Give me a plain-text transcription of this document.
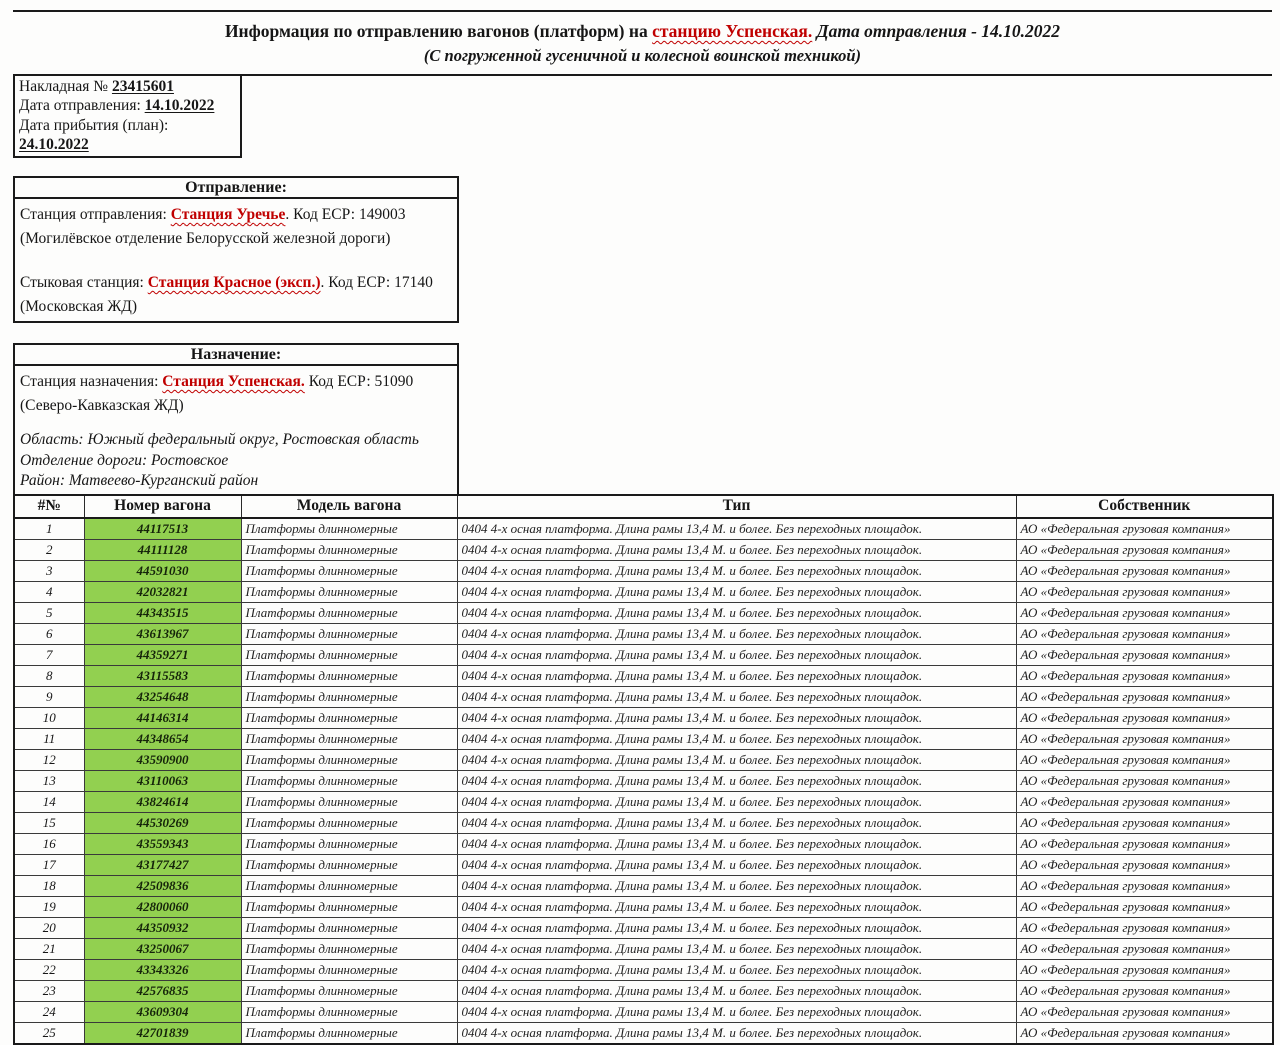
Информация по отправлению вагонов (платформ) на станцию Успенская. Дата отправления - 14.10.2022
(С погруженной гусеничной и колесной воинской техникой)
Накладная № 23415601
Дата отправления: 14.10.2022
Дата прибытия (план): 24.10.2022
Отправление:
Станция отправления: Станция Уречье. Код ЕСР: 149003
(Могилёвское отделение Белорусской железной дороги)
Стыковая станция: Станция Красное (эксп.). Код ЕСР: 17140
(Московская ЖД)
Назначение:
Станция назначения: Станция Успенская. Код ЕСР: 51090
(Северо-Кавказская ЖД)
Область: Южный федеральный округ, Ростовская область
Отделение дороги: Ростовское
Район: Матвеево-Курганский район
#№	Номер вагона	Модель вагона	Тип	Собственник
1	44117513	Платформы длинномерные	0404 4-х осная платформа. Длина рамы 13,4 М. и более. Без переходных площадок.	АО «Федеральная грузовая компания»
2	44111128	Платформы длинномерные	0404 4-х осная платформа. Длина рамы 13,4 М. и более. Без переходных площадок.	АО «Федеральная грузовая компания»
3	44591030	Платформы длинномерные	0404 4-х осная платформа. Длина рамы 13,4 М. и более. Без переходных площадок.	АО «Федеральная грузовая компания»
4	42032821	Платформы длинномерные	0404 4-х осная платформа. Длина рамы 13,4 М. и более. Без переходных площадок.	АО «Федеральная грузовая компания»
5	44343515	Платформы длинномерные	0404 4-х осная платформа. Длина рамы 13,4 М. и более. Без переходных площадок.	АО «Федеральная грузовая компания»
6	43613967	Платформы длинномерные	0404 4-х осная платформа. Длина рамы 13,4 М. и более. Без переходных площадок.	АО «Федеральная грузовая компания»
7	44359271	Платформы длинномерные	0404 4-х осная платформа. Длина рамы 13,4 М. и более. Без переходных площадок.	АО «Федеральная грузовая компания»
8	43115583	Платформы длинномерные	0404 4-х осная платформа. Длина рамы 13,4 М. и более. Без переходных площадок.	АО «Федеральная грузовая компания»
9	43254648	Платформы длинномерные	0404 4-х осная платформа. Длина рамы 13,4 М. и более. Без переходных площадок.	АО «Федеральная грузовая компания»
10	44146314	Платформы длинномерные	0404 4-х осная платформа. Длина рамы 13,4 М. и более. Без переходных площадок.	АО «Федеральная грузовая компания»
11	44348654	Платформы длинномерные	0404 4-х осная платформа. Длина рамы 13,4 М. и более. Без переходных площадок.	АО «Федеральная грузовая компания»
12	43590900	Платформы длинномерные	0404 4-х осная платформа. Длина рамы 13,4 М. и более. Без переходных площадок.	АО «Федеральная грузовая компания»
13	43110063	Платформы длинномерные	0404 4-х осная платформа. Длина рамы 13,4 М. и более. Без переходных площадок.	АО «Федеральная грузовая компания»
14	43824614	Платформы длинномерные	0404 4-х осная платформа. Длина рамы 13,4 М. и более. Без переходных площадок.	АО «Федеральная грузовая компания»
15	44530269	Платформы длинномерные	0404 4-х осная платформа. Длина рамы 13,4 М. и более. Без переходных площадок.	АО «Федеральная грузовая компания»
16	43559343	Платформы длинномерные	0404 4-х осная платформа. Длина рамы 13,4 М. и более. Без переходных площадок.	АО «Федеральная грузовая компания»
17	43177427	Платформы длинномерные	0404 4-х осная платформа. Длина рамы 13,4 М. и более. Без переходных площадок.	АО «Федеральная грузовая компания»
18	42509836	Платформы длинномерные	0404 4-х осная платформа. Длина рамы 13,4 М. и более. Без переходных площадок.	АО «Федеральная грузовая компания»
19	42800060	Платформы длинномерные	0404 4-х осная платформа. Длина рамы 13,4 М. и более. Без переходных площадок.	АО «Федеральная грузовая компания»
20	44350932	Платформы длинномерные	0404 4-х осная платформа. Длина рамы 13,4 М. и более. Без переходных площадок.	АО «Федеральная грузовая компания»
21	43250067	Платформы длинномерные	0404 4-х осная платформа. Длина рамы 13,4 М. и более. Без переходных площадок.	АО «Федеральная грузовая компания»
22	43343326	Платформы длинномерные	0404 4-х осная платформа. Длина рамы 13,4 М. и более. Без переходных площадок.	АО «Федеральная грузовая компания»
23	42576835	Платформы длинномерные	0404 4-х осная платформа. Длина рамы 13,4 М. и более. Без переходных площадок.	АО «Федеральная грузовая компания»
24	43609304	Платформы длинномерные	0404 4-х осная платформа. Длина рамы 13,4 М. и более. Без переходных площадок.	АО «Федеральная грузовая компания»
25	42701839	Платформы длинномерные	0404 4-х осная платформа. Длина рамы 13,4 М. и более. Без переходных площадок.	АО «Федеральная грузовая компания»
